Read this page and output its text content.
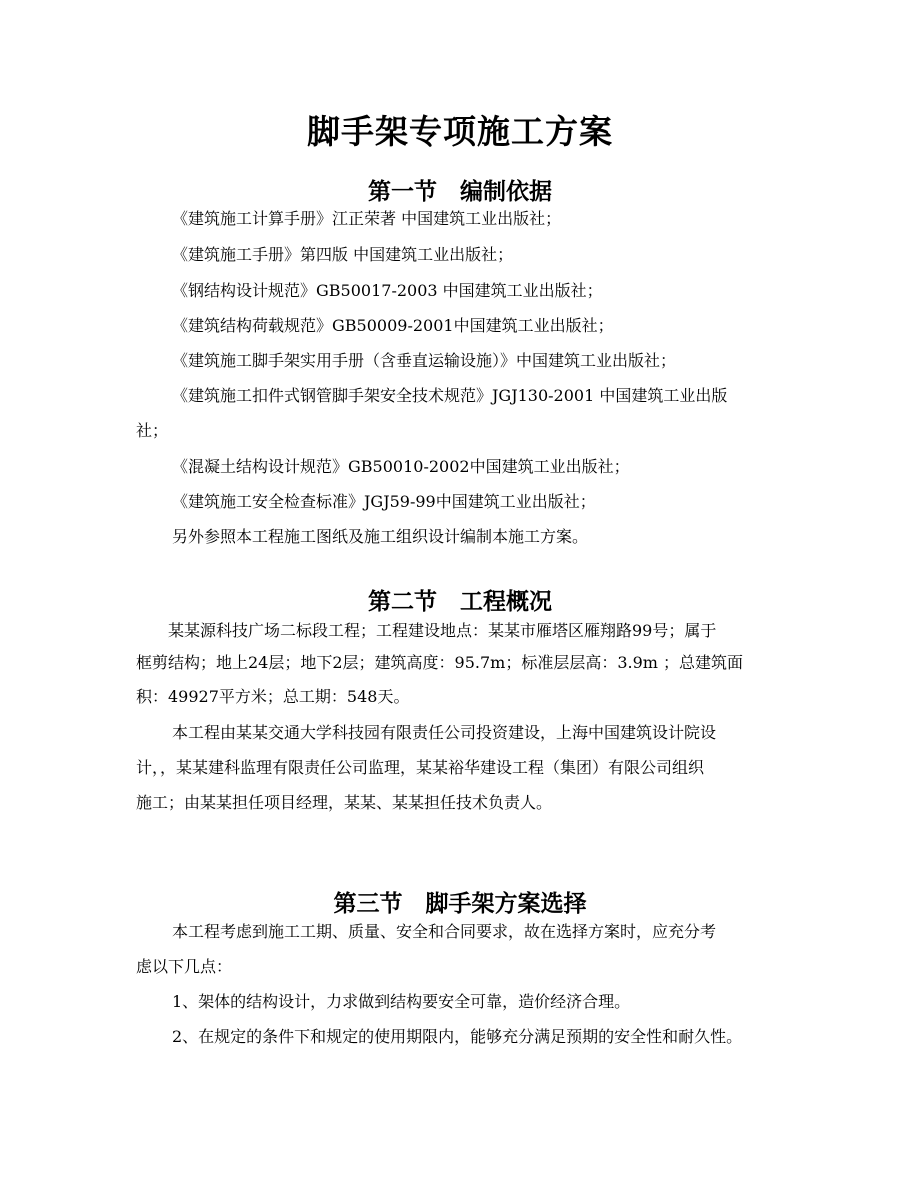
脚手架专项施工方案
第一节　编制依据
《建筑施工计算手册》江正荣著 中国建筑工业出版社；
《建筑施工手册》第四版 中国建筑工业出版社；
《钢结构设计规范》GB50017-2003 中国建筑工业出版社；
《建筑结构荷载规范》GB50009-2001中国建筑工业出版社；
《建筑施工脚手架实用手册（含垂直运输设施）》中国建筑工业出版社；
《建筑施工扣件式钢管脚手架安全技术规范》JGJ130-2001 中国建筑工业出版
社；
《混凝土结构设计规范》GB50010-2002中国建筑工业出版社；
《建筑施工安全检查标准》JGJ59-99中国建筑工业出版社；
另外参照本工程施工图纸及施工组织设计编制本施工方案。
第二节　工程概况
某某源科技广场二标段工程；工程建设地点：某某市雁塔区雁翔路99号；属于
框剪结构；地上24层；地下2层；建筑高度：95.7m；标准层层高：3.9m ；总建筑面
积：49927平方米；总工期：548天。
本工程由某某交通大学科技园有限责任公司投资建设，上海中国建筑设计院设
计，，某某建科监理有限责任公司监理，某某裕华建设工程（集团）有限公司组织
施工；由某某担任项目经理，某某、某某担任技术负责人。
第三节　脚手架方案选择
本工程考虑到施工工期、质量、安全和合同要求，故在选择方案时，应充分考
虑以下几点：
1、架体的结构设计，力求做到结构要安全可靠，造价经济合理。
2、在规定的条件下和规定的使用期限内，能够充分满足预期的安全性和耐久性。
